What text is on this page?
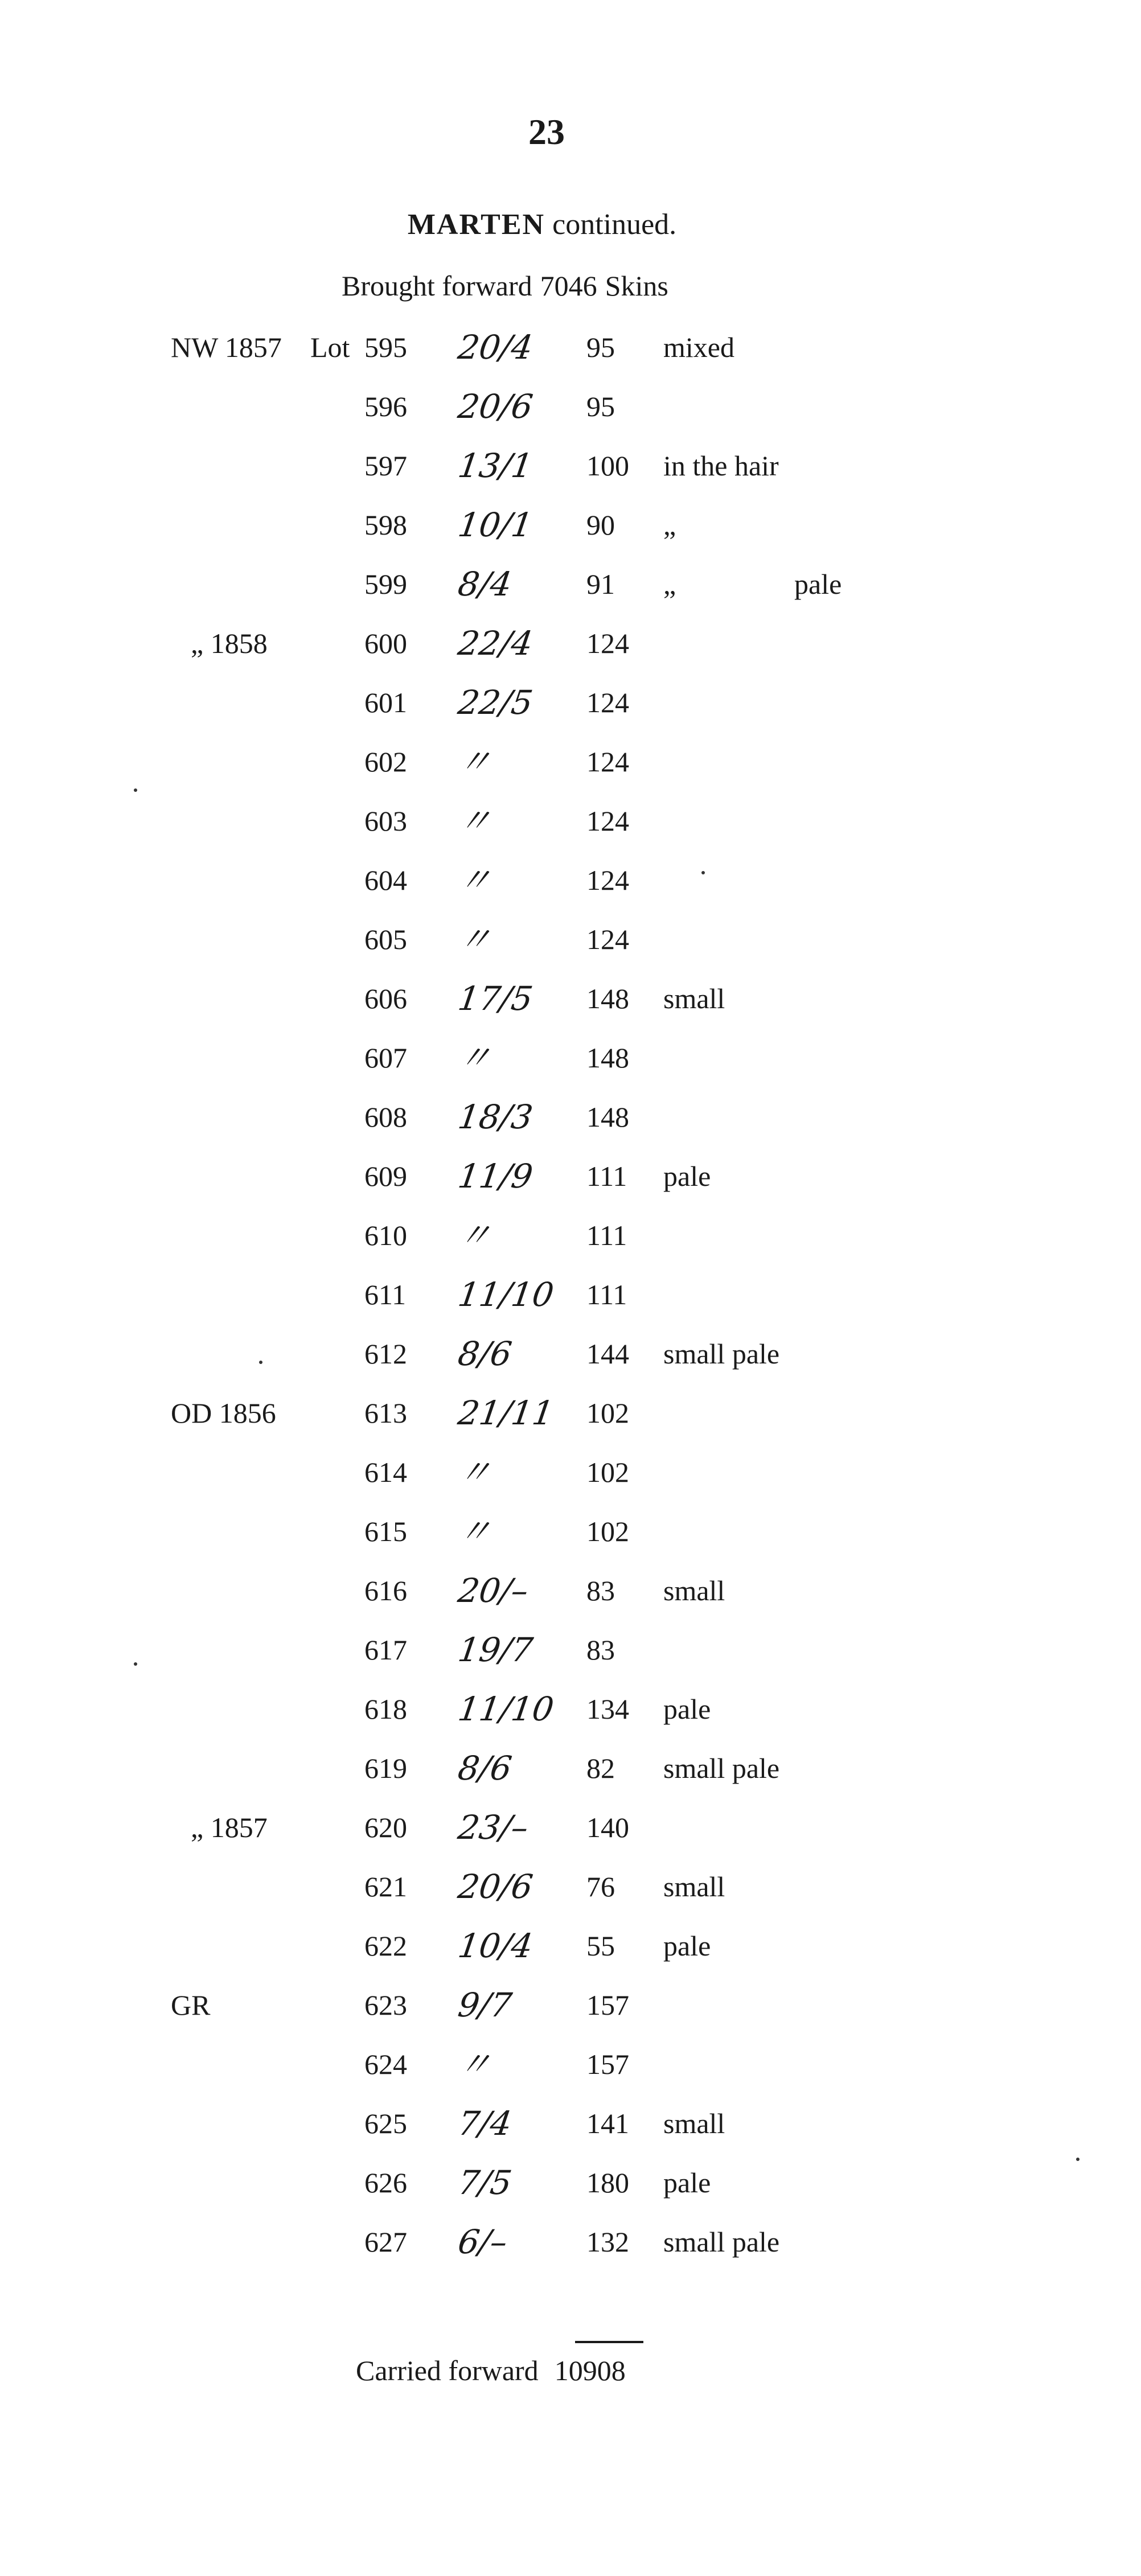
23
MARTEN continued.
Brought forward 7046 Skins
NW 1857 Lot 595 20/4 95 mixed
596 20/6 95
597 13/1 100 in the hair
598 10/1 90 „
599 8/4	91 „	pale
„ 1858	600 22/4 124
601 22/5 124
602 〃	124
603 〃	124
604 〃	124
605 〃	124
606 17/5 148 small
607 〃	148
608 18/3 148
609 11/9 111 pale
610 〃	111
611 11/10 111
612 8/6	144 small pale
OD 1856	613 21/11 102
614 〃	102
615 〃	102
616 20/– 83 small
617 19/7 83
618 11/10 134 pale
619 8/6	82 small pale
„ 1857	620 23/– 140
621 20/6 76 small
622 10/4 55 pale
GR	623 9/7	157
624 〃	157
625 7/4	141 small
626 7/5	180 pale
627 6/–	132 small pale
Carried forward 10908
